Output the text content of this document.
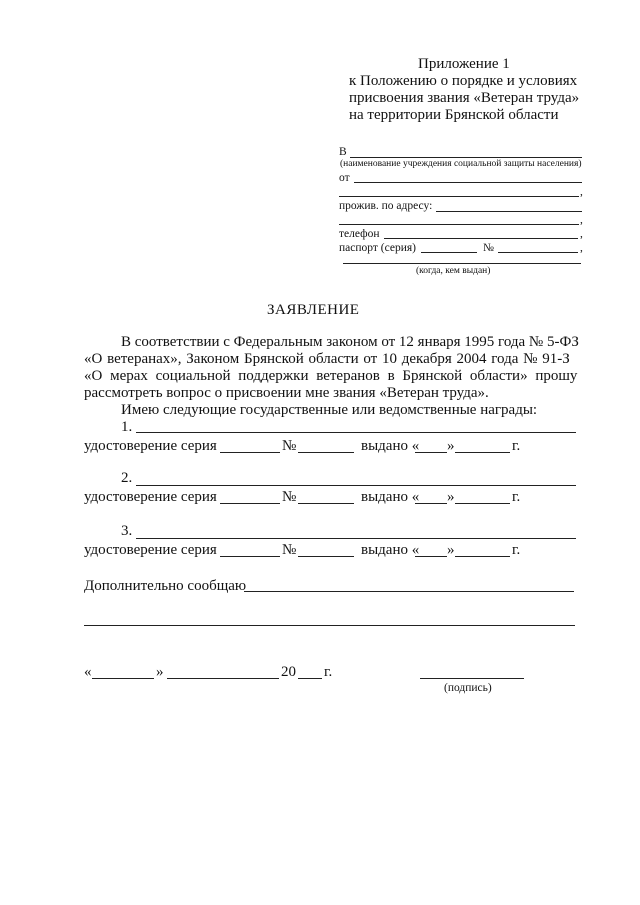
Приложение 1
к Положению о порядке и условиях
присвоения звания «Ветеран труда»
на территории Брянской области
В
(наименование учреждения социальной защиты населения)
от
,
прожив. по адресу:
,
телефон	,
паспорт (серия)	№	,
(когда, кем выдан)
ЗАЯВЛЕНИЕ
В соответствии с Федеральным законом от 12 января 1995 года № 5-ФЗ
«О ветеранах», Законом Брянской области от 10 декабря 2004 года № 91-З
«О мерах социальной поддержки ветеранов в Брянской области» прошу
рассмотреть вопрос о присвоении мне звания «Ветеран труда».
Имею следующие государственные или ведомственные награды:
1.
удостоверение серия	№	выдано « »	г.
2.
удостоверение серия	№	выдано « »	г.
3.
удостоверение серия	№	выдано « »	г.
Дополнительно сообщаю
«	»	20 г.
(подпись)
